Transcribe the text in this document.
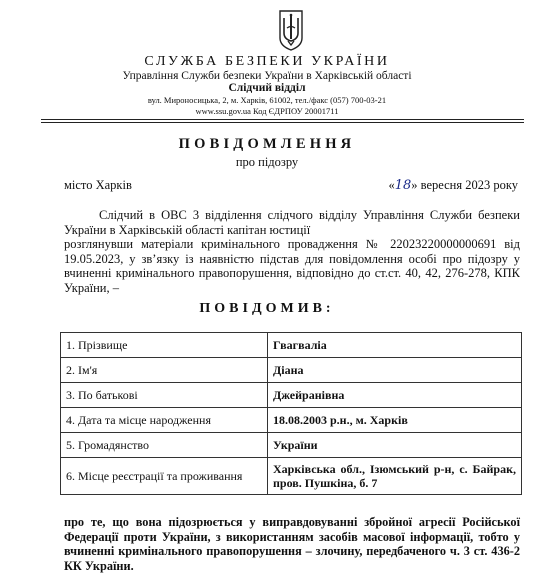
СЛУЖБА БЕЗПЕКИ УКРАЇНИ
Управління Служби безпеки України в Харківській області
Слідчий відділ
вул. Мироносицька, 2, м. Харків, 61002, тел./факс (057) 700-03-21
www.ssu.gov.ua Код ЄДРПОУ 20001711
ПОВІДОМЛЕННЯ
про підозру
місто Харків	«18» вересня 2023 року
Слідчий в ОВС 3 відділення слідчого відділу Управління Служби безпеки України в Харківській області капітан юстиції
розглянувши матеріали кримінального провадження № 22023220000000691 від 19.05.2023, у зв’язку із наявністю підстав для повідомлення особі про підозру у вчиненні кримінального правопорушення, відповідно до ст.ст. 40, 42, 276-278, КПК України, –
ПОВІДОМИВ:
1. Прізвище	Гвагваліа
2. Ім'я	Діана
3. По батькові	Джейранівна
4. Дата та місце народження	18.08.2003 р.н., м. Харків
5. Громадянство	України
6. Місце реєстрації та проживання	Харківська обл., Ізюмський р-н, с. Байрак, пров. Пушкіна, б. 7
про те, що вона підозрюється у виправдовуванні збройної агресії Російської Федерації проти України, з використанням засобів масової інформації, тобто у вчиненні кримінального правопорушення – злочину, передбаченого ч. 3 ст. 436-2 КК України.
